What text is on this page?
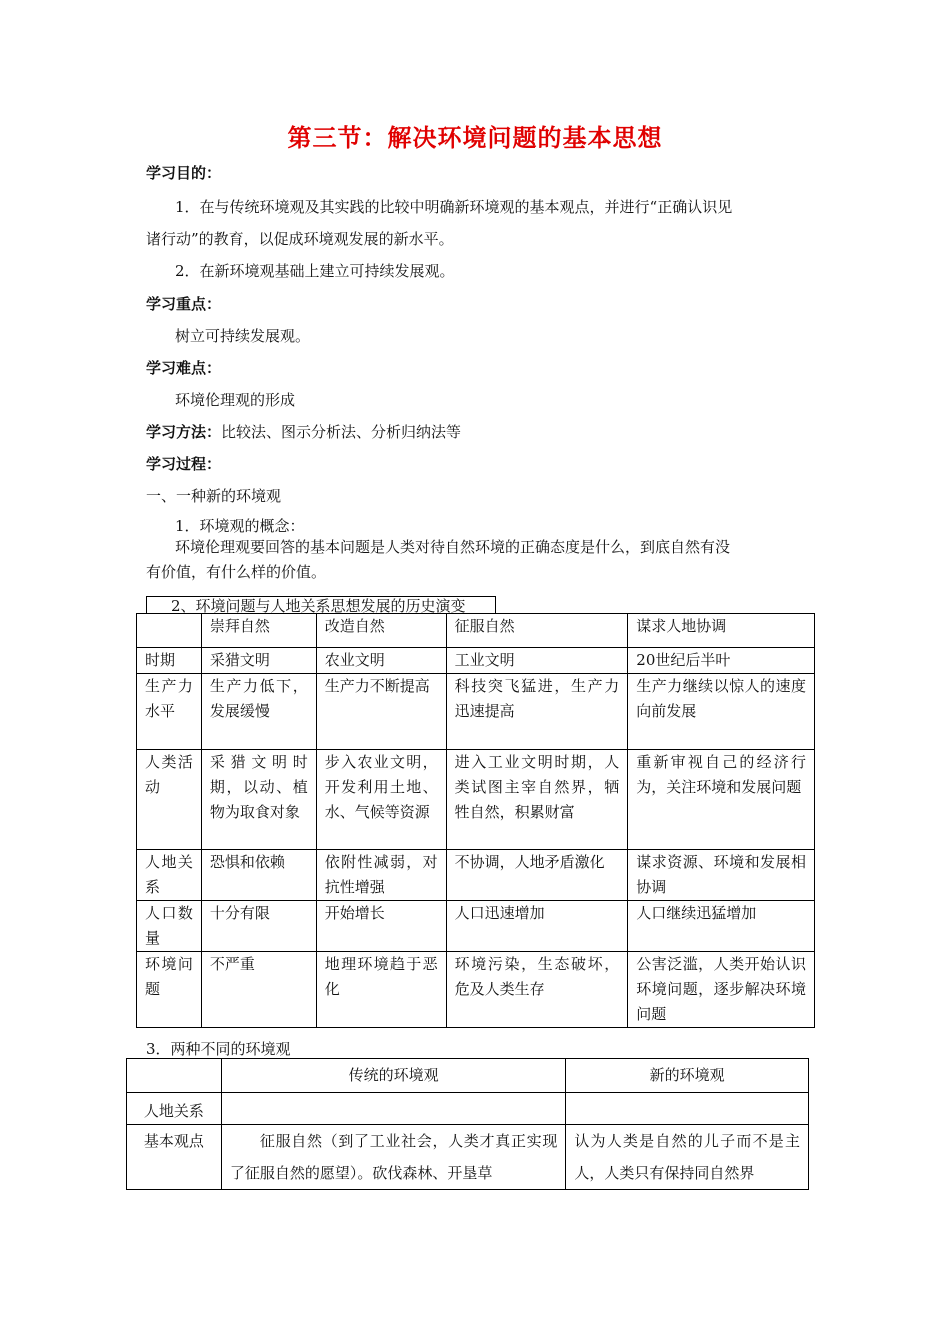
第三节：解决环境问题的基本思想
学习目的：
1．在与传统环境观及其实践的比较中明确新环境观的基本观点，并进行“正确认识见
诸行动”的教育，以促成环境观发展的新水平。
2．在新环境观基础上建立可持续发展观。
学习重点：
树立可持续发展观。
学习难点：
环境伦理观的形成
学习方法：比较法、图示分析法、分析归纳法等
学习过程：
一、一种新的环境观
1．环境观的概念：
环境伦理观要回答的基本问题是人类对待自然环境的正确态度是什么，到底自然有没
有价值，有什么样的价值。
2、环境问题与人地关系思想发展的历史演变
	崇拜自然	改造自然	征服自然	谋求人地协调
时期	采猎文明	农业文明	工业文明	20世纪后半叶
生产力水平	生产力低下，发展缓慢	生产力不断提高	科技突飞猛进，生产力迅速提高	生产力继续以惊人的速度向前发展
人类活动	采猎文明时期，以动、植物为取食对象	步入农业文明，开发利用土地、水、气候等资源	进入工业文明时期，人类试图主宰自然界，牺牲自然，积累财富	重新审视自己的经济行为，关注环境和发展问题
人地关系	恐惧和依赖	依附性减弱，对抗性增强	不协调，人地矛盾激化	谋求资源、环境和发展相协调
人口数量	十分有限	开始增长	人口迅速增加	人口继续迅猛增加
环境问题	不严重	地理环境趋于恶化	环境污染，生态破坏，危及人类生存	公害泛滥，人类开始认识环境问题，逐步解决环境问题
3．两种不同的环境观
	传统的环境观	新的环境观
人地关系		
基本观点	征服自然（到了工业社会，人类才真正实现了征服自然的愿望）。砍伐森林、开垦草	认为人类是自然的儿子而不是主人，人类只有保持同自然界
